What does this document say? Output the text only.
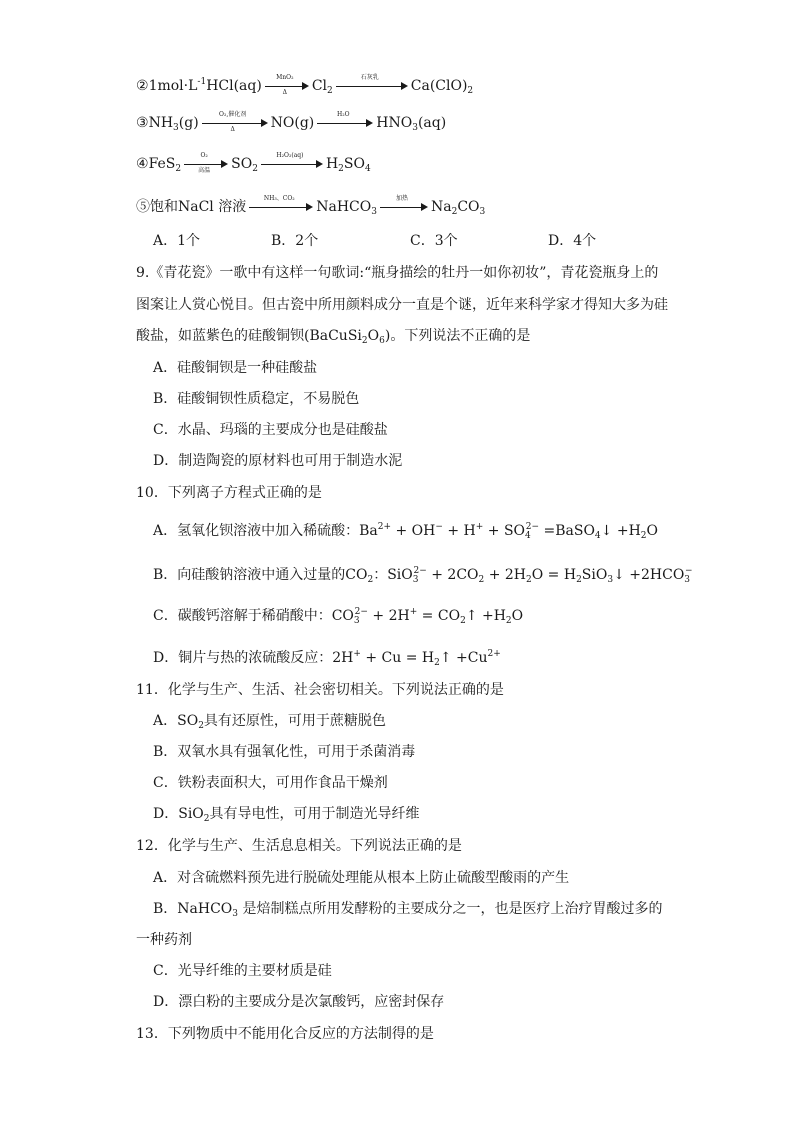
$②1mol\cdot L^{-1}HCl(aq)$
MnO₂
Δ	$Cl_2$
石灰乳
$Ca(ClO)_2$
$③NH_3(g)$
O₂,催化剂
Δ	NO(g)
H₂O
$HNO_3(aq)$
④FeS$_2$
O₂
高温	$SO_2$
H₂O₂(aq)
$H_2SO_4$
⑤饱和NaCl 溶液
NH₃、CO₂
NaHCO$_3$
加热
$Na_2CO_3$
A．1个	B．2个	C．3个	D．4个
9.《青花瓷》一歌中有这样一句歌词:“瓶身描绘的牡丹一如你初妆”，青花瓷瓶身上的
图案让人赏心悦目。但古瓷中所用颜料成分一直是个谜，近年来科学家才得知大多为硅
酸盐，如蓝紫色的硅酸铜钡$(BaCuSi_2O_6)$。下列说法不正确的是
A．硅酸铜钡是一种硅酸盐
B．硅酸铜钡性质稳定，不易脱色
C．水晶、玛瑙的主要成分也是硅酸盐
D．制造陶瓷的原材料也可用于制造水泥
10．下列离子方程式正确的是
A．氢氧化钡溶液中加入稀硫酸：$Ba^{2+} + OH^- + H^+ + SO_4^{2-}$ =BaSO$_4$↓ $+H_2O$
B．向硅酸钠溶液中通入过量的$CO_2$：$SiO_3^{2-} + 2CO_2 + 2H_2O$ = $H_2SiO_3↓ +2HCO_3^-$
C．碳酸钙溶解于稀硝酸中：$CO_3^{2-} + 2H^+$ = $CO_2↑ +H_2O$
D．铜片与热的浓硫酸反应：$2H^+ + Cu = H_2↑ +Cu^{2+}$
11．化学与生产、生活、社会密切相关。下列说法正确的是
A．$SO_2$具有还原性，可用于蔗糖脱色
B．双氧水具有强氧化性，可用于杀菌消毒
C．铁粉表面积大，可用作食品干燥剂
D．SiO$_2$具有导电性，可用于制造光导纤维
12．化学与生产、生活息息相关。下列说法正确的是
A．对含硫燃料预先进行脱硫处理能从根本上防止硫酸型酸雨的产生
B．NaHCO$_3$ 是焙制糕点所用发酵粉的主要成分之一，也是医疗上治疗胃酸过多的
一种药剂
C．光导纤维的主要材质是硅
D．漂白粉的主要成分是次氯酸钙，应密封保存
13．下列物质中不能用化合反应的方法制得的是
